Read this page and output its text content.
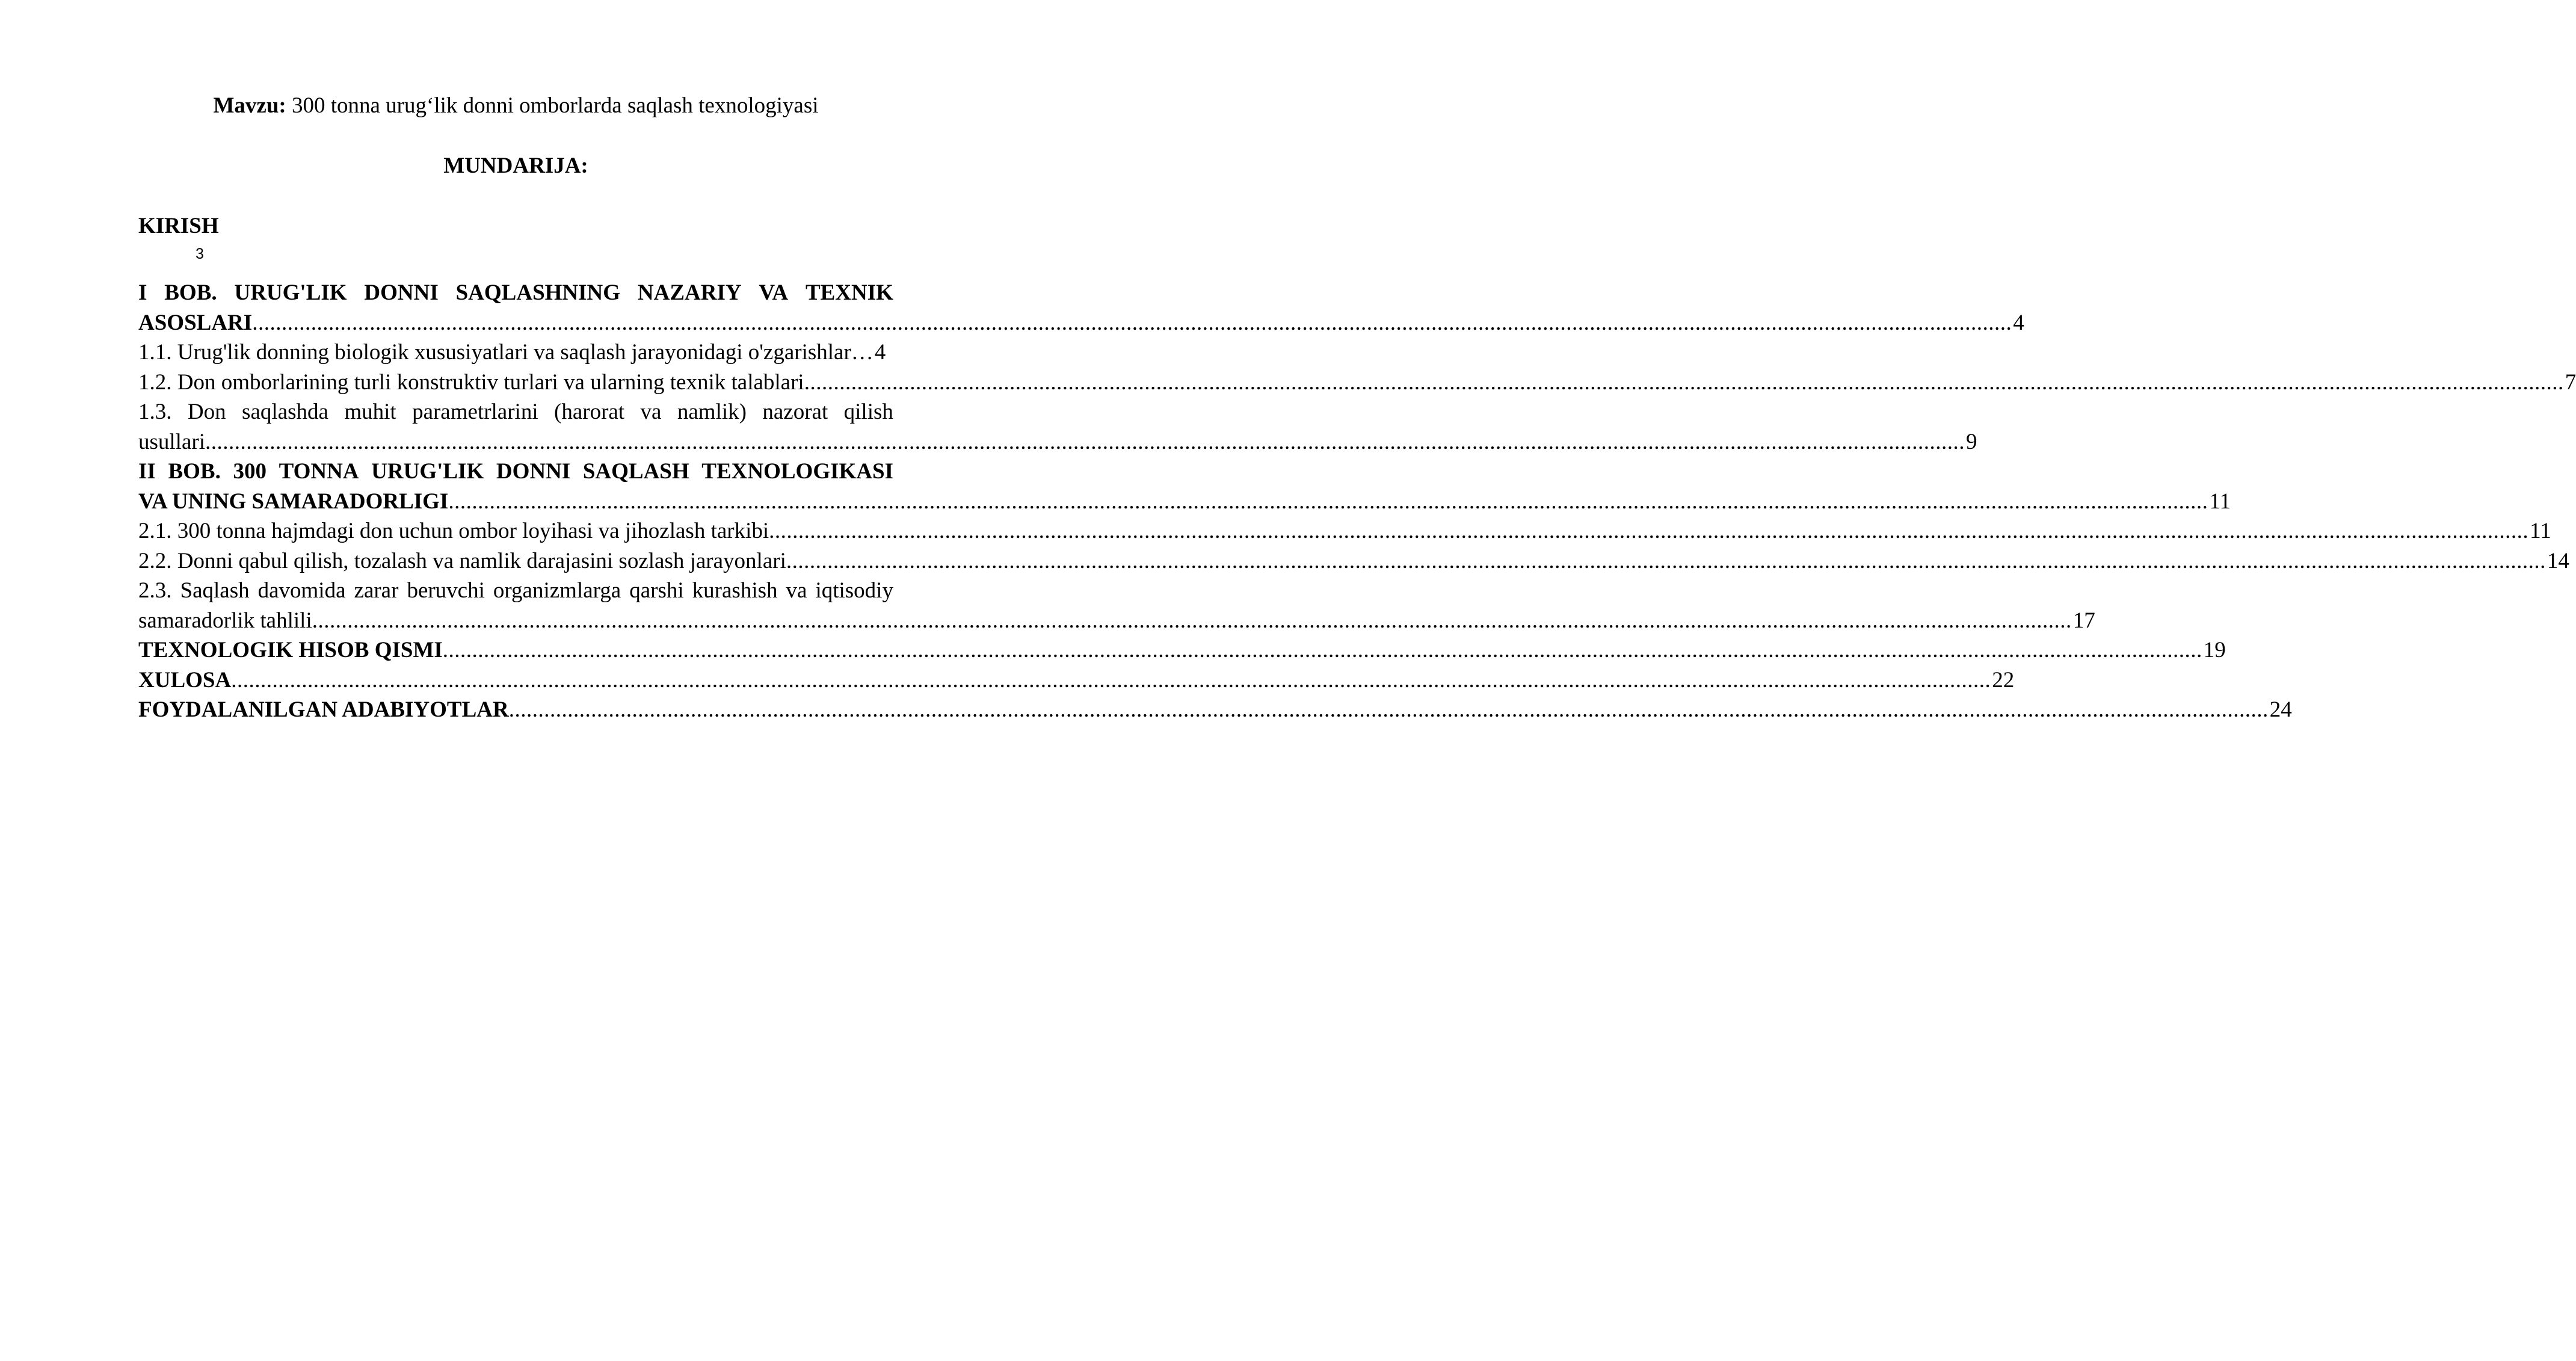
Mavzu: 300 tonna urug‘lik donni omborlarda saqlash texnologiyasi
MUNDARIJA:
KIRISH
3
I BOB. URUG'LIK DONNI SAQLASHNING NAZARIY VA TEXNIK
ASOSLARI ............................................................................................................................................................................................................................................................................................................ 4
1.1. Urug'lik donning biologik xususiyatlari va saqlash jarayonidagi o'zgarishlar… 4
1.2. Don omborlarining turli konstruktiv turlari va ularning texnik talablari ............................................................................................................................................................................................................................................................................................................ 7
1.3. Don saqlashda muhit parametrlarini (harorat va namlik) nazorat qilish
usullari ............................................................................................................................................................................................................................................................................................................ 9
II BOB. 300 TONNA URUG'LIK DONNI SAQLASH TEXNOLOGIKASI
VA UNING SAMARADORLIGI ............................................................................................................................................................................................................................................................................................................ 11
2.1. 300 tonna hajmdagi don uchun ombor loyihasi va jihozlash tarkibi ............................................................................................................................................................................................................................................................................................................ 11
2.2. Donni qabul qilish, tozalash va namlik darajasini sozlash jarayonlari ............................................................................................................................................................................................................................................................................................................ 14
2.3. Saqlash davomida zarar beruvchi organizmlarga qarshi kurashish va iqtisodiy
samaradorlik tahlili ............................................................................................................................................................................................................................................................................................................ 17
TEXNOLOGIK HISOB QISMI ............................................................................................................................................................................................................................................................................................................ 19
XULOSA ............................................................................................................................................................................................................................................................................................................ 22
FOYDALANILGAN ADABIYOTLAR ............................................................................................................................................................................................................................................................................................................ 24
